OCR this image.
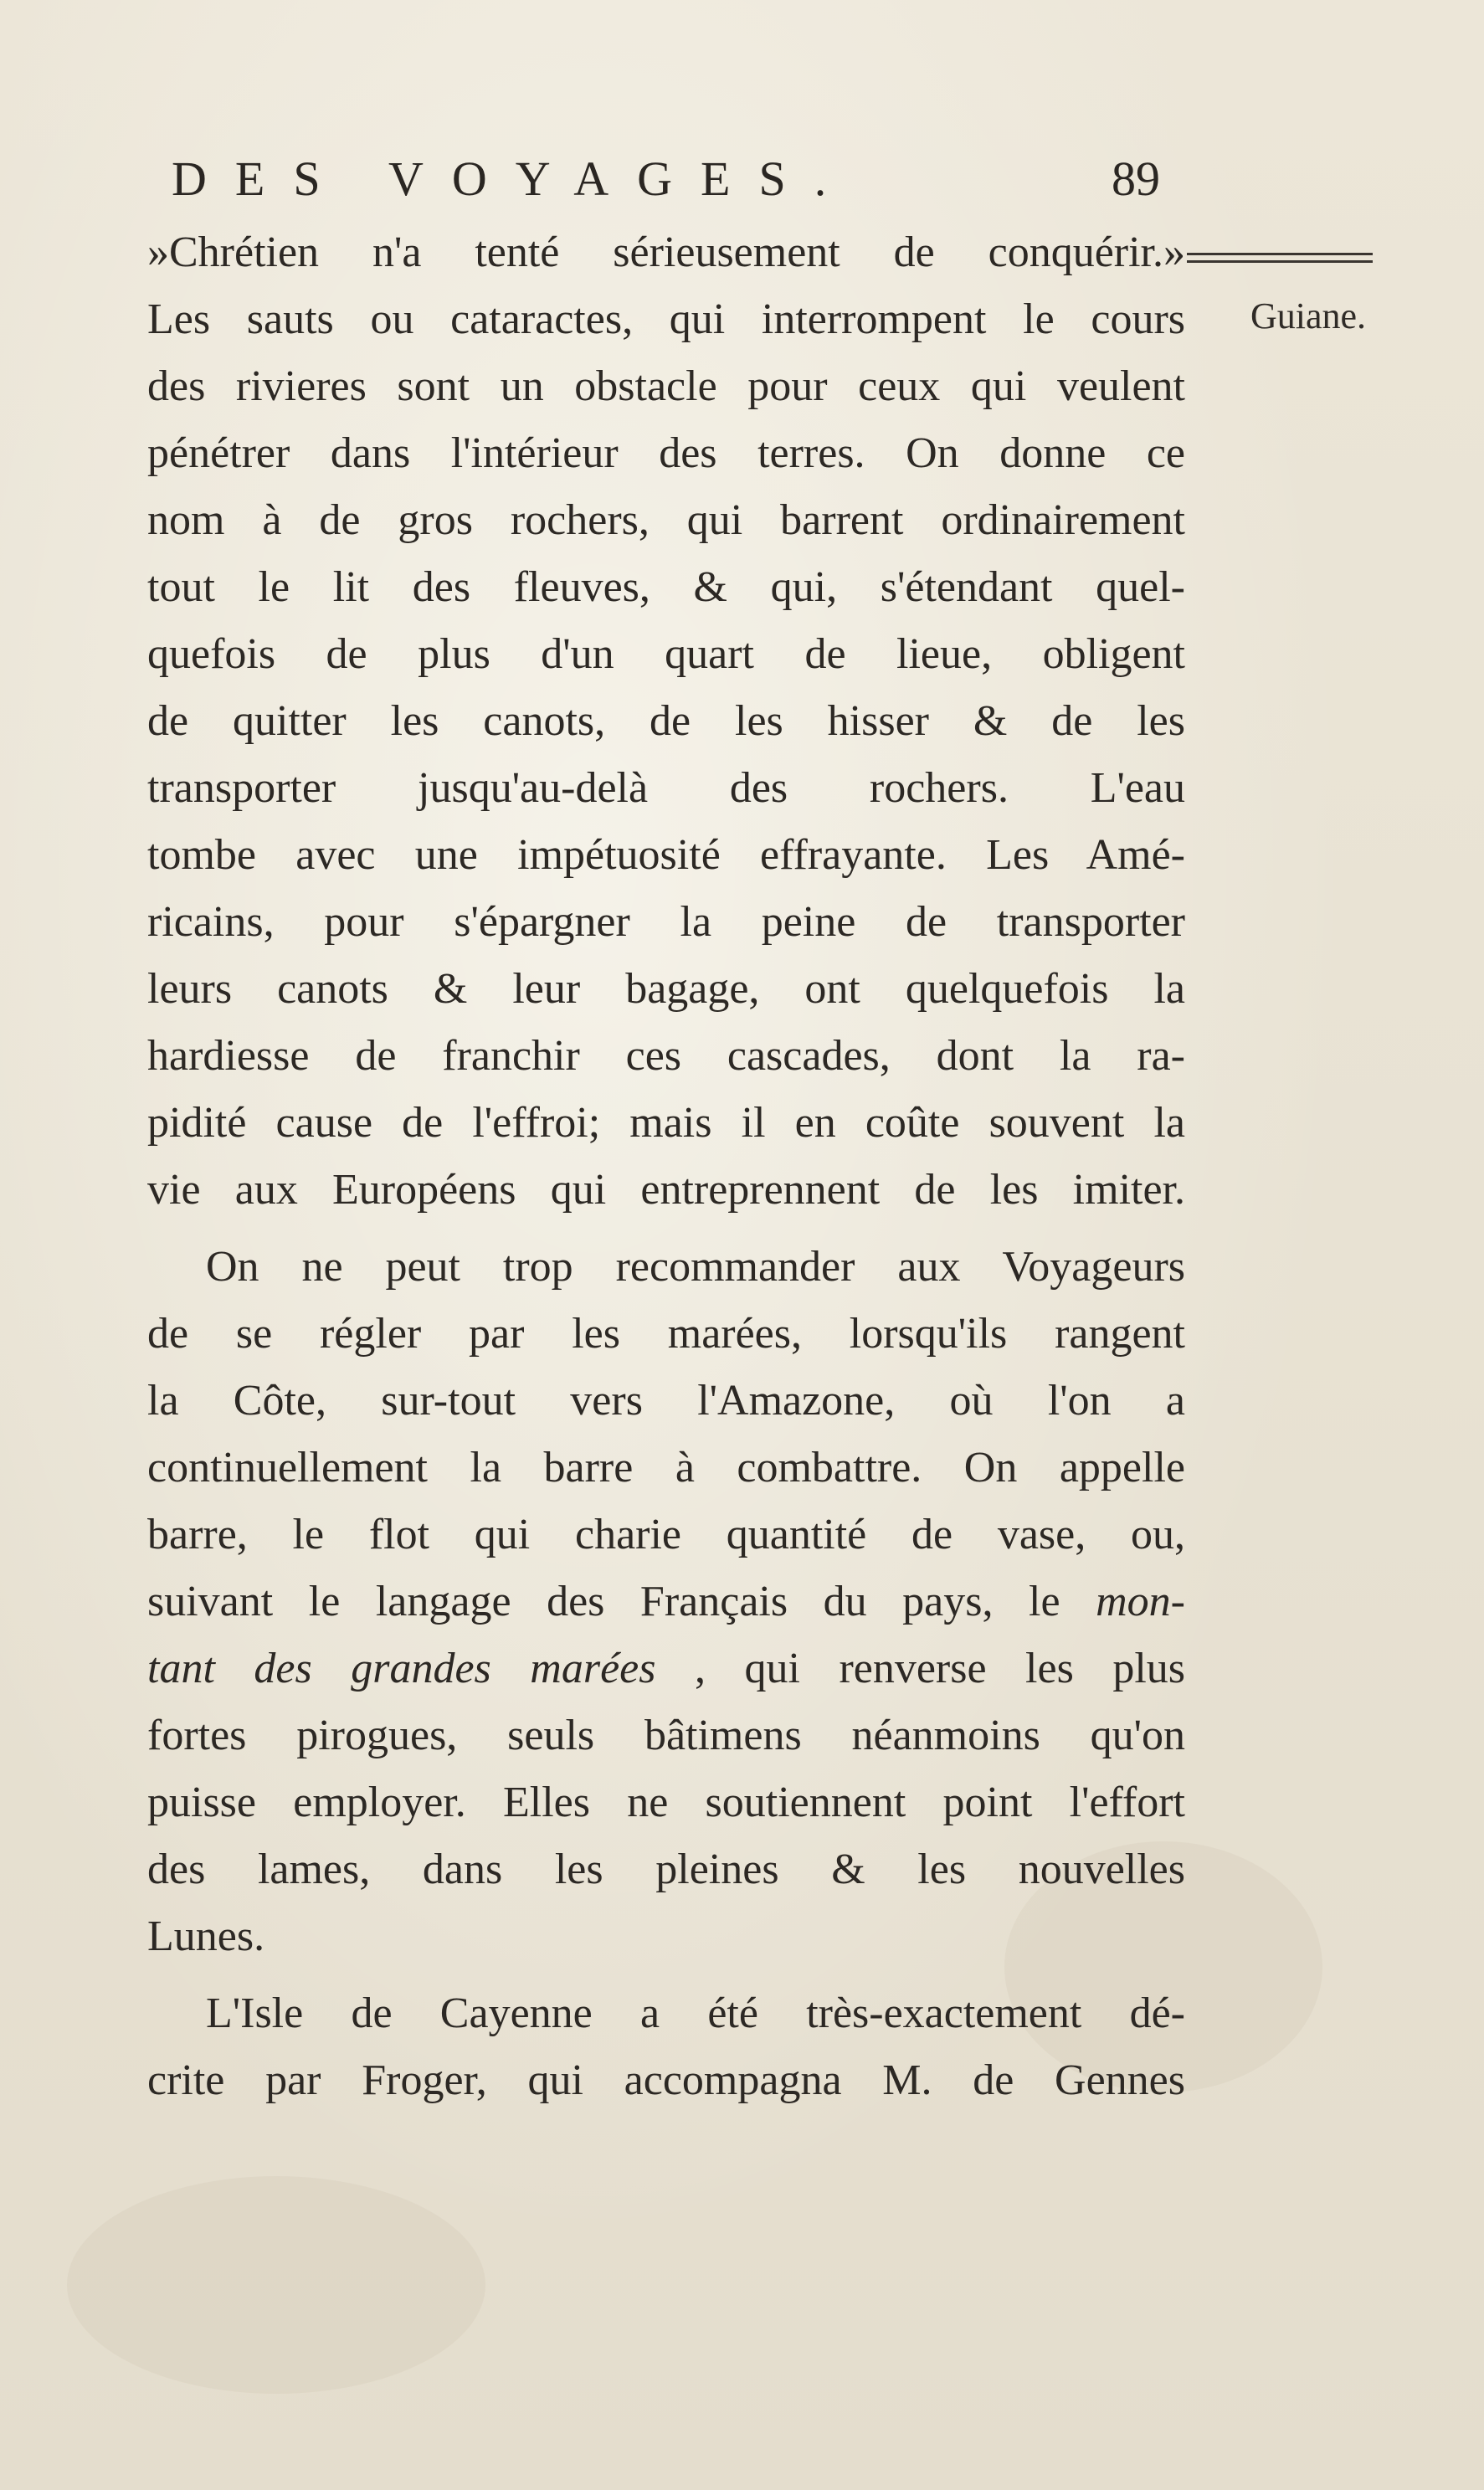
DES VOYAGES.	89
Guiane.
»Chrétien n'a tenté sérieusement de conquérir.»
Les sauts ou cataractes, qui interrompent le cours
des rivieres sont un obstacle pour ceux qui veulent
pénétrer dans l'intérieur des terres. On donne ce
nom à de gros rochers, qui barrent ordinairement
tout le lit des fleuves, & qui, s'étendant quel-
quefois de plus d'un quart de lieue, obligent
de quitter les canots, de les hisser & de les
transporter jusqu'au-delà des rochers. L'eau
tombe avec une impétuosité effrayante. Les Amé-
ricains, pour s'épargner la peine de transporter
leurs canots & leur bagage, ont quelquefois la
hardiesse de franchir ces cascades, dont la ra-
pidité cause de l'effroi; mais il en coûte souvent la
vie aux Européens qui entreprennent de les imiter.
On ne peut trop recommander aux Voyageurs
de se régler par les marées, lorsqu'ils rangent
la Côte, sur-tout vers l'Amazone, où l'on a
continuellement la barre à combattre. On appelle
barre, le flot qui charie quantité de vase, ou,
suivant le langage des Français du pays, le mon-
tant des grandes marées , qui renverse les plus
fortes pirogues, seuls bâtimens néanmoins qu'on
puisse employer. Elles ne soutiennent point l'effort
des lames, dans les pleines & les nouvelles
Lunes.
L'Isle de Cayenne a été très-exactement dé-
crite par Froger, qui accompagna M. de Gennes
